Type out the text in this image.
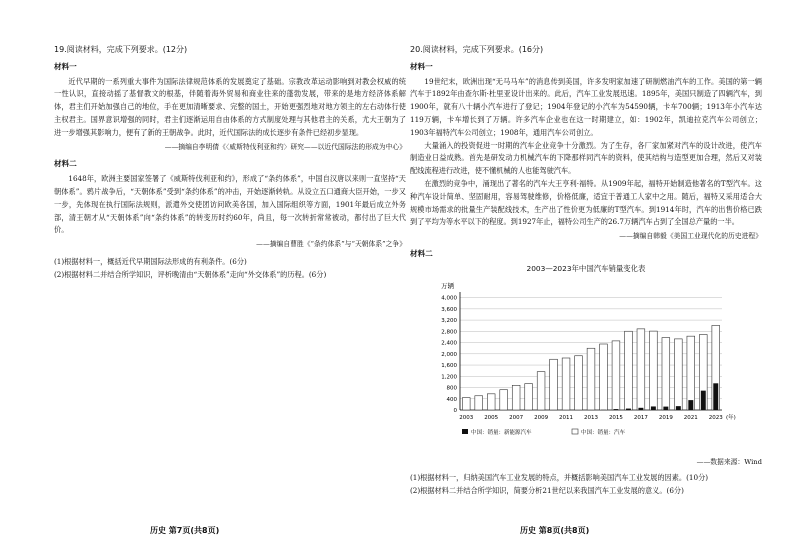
19.阅读材料，完成下列要求。(12分)
材料一

近代早期的一系列重大事件为国际法律规范体系的发展奠定了基础。宗教改革运动影响到对教会权威的统一性认识，直接动摇了基督教文的根基，伴随着海外贸易和商业往来的蓬勃发展，带来的是地方经济体系解体，君主们开始加强自己的地位，手在更加清晰要求、完整的国土，开始更强烈地对地方领主的左右动体行使主权君主。国界意识增强的同时，君主们逐渐运用自由体系的方式制度处理与其他君主的关系，尤大王朝为了进一步增强其影响力，便有了新的王朝战争。此时，近代国际法的成长逐步有条件已经初步显现。

——摘编自李明倩《〈威斯特伐利亚和约〉研究——以近代国际法的形成为中心》
材料二

1648年，欧洲主要国家签署了《威斯特伐利亚和约》，形成了“条约体系”，中国自汉唐以来则一直坚持“天朝体系”。鸦片战争后，“天朝体系”受到“条约体系”的冲击，开始逐渐转轨。从设立五口通商大臣开始，一步又一步，先体现在执行国际法规则，派遣外交使团访问欧美各国，加入国际组织等方面，1901年最后成立外务部，清王朝才从“天朝体系”向“条约体系”的转变历时约60年，尚且，每一次转折常常被动，都付出了巨大代价。

——摘编自曹胜《“条约体系”与“天朝体系”之争》

(1)根据材料一，概括近代早期国际法形成的有利条件。(6分)

(2)根据材料二并结合所学知识，评析晚清由“天朝体系”走向“外交体系”的历程。(6分)

20.阅读材料，完成下列要求。(16分)
材料一

19世纪末，欧洲出现“无马马车”的消息传到美国，许多发明家加速了研制燃油汽车的工作。美国的第一辆汽车于1892年由查尔斯·杜里亚设计出来的。此后，汽车工业发展迅速。1895年，美国只制造了四辆汽车，到1900年，就有八十辆小汽车进行了登记；1904年登记的小汽车为54590辆，卡车700辆；1913年小汽车达119万辆，卡车增长到了万辆。许多汽车企业也在这一时期建立，如：1902年，凯迪拉克汽车公司创立；1903年福特汽车公司创立；1908年，通用汽车公司创立。

大量涌入的投资促进一时期的汽车企业竞争十分激烈。为了生存，各厂家加紧对汽车的设计改进，使汽车制造业日益成熟。首先是研发动力机械汽车的下降那样同汽车的资料，使其结构与造型更加合理，然后又对装配线流程进行改进，使不懂机械的人也能驾驶汽车。

在激烈的竞争中，涌现出了著名的汽车大王亨利·福特。从1909年起，福特开始制造他著名的T型汽车。这种汽车设计简单、坚固耐用，容易驾驶维修，价格低廉，适宜于普通工人家中之用。随后，福特又采用适合大规模市场需求的批量生产装配线技术，生产出了性价更为低廉的T型汽车。到1914年时，汽车的出售价格已跌到了平均为等水平以下的程度。到1927年止，福特公司生产的26.7万辆汽车占到了全国总产量的一半。

——摘编自韩毅《美国工业现代化的历史进程》
材料二
2003—2023年中国汽车销量变化表
万辆
400
800
1,200
1,600
2,000
2,400
2,800
3,200
3,600
4,000
0
2003 2005 2007 2009 2011 2013 2015 2017 2019 2021 2023 (年)
中国：销量：新能源汽车	中国：销量：汽车
——数据来源：Wind

(1)根据材料一，归纳美国汽车工业发展的特点，并概括影响美国汽车工业发展的因素。(10分)

(2)根据材料二并结合所学知识，简要分析21世纪以来我国汽车工业发展的意义。(6分)

历史 第7页(共8页)	历史 第8页(共8页)
